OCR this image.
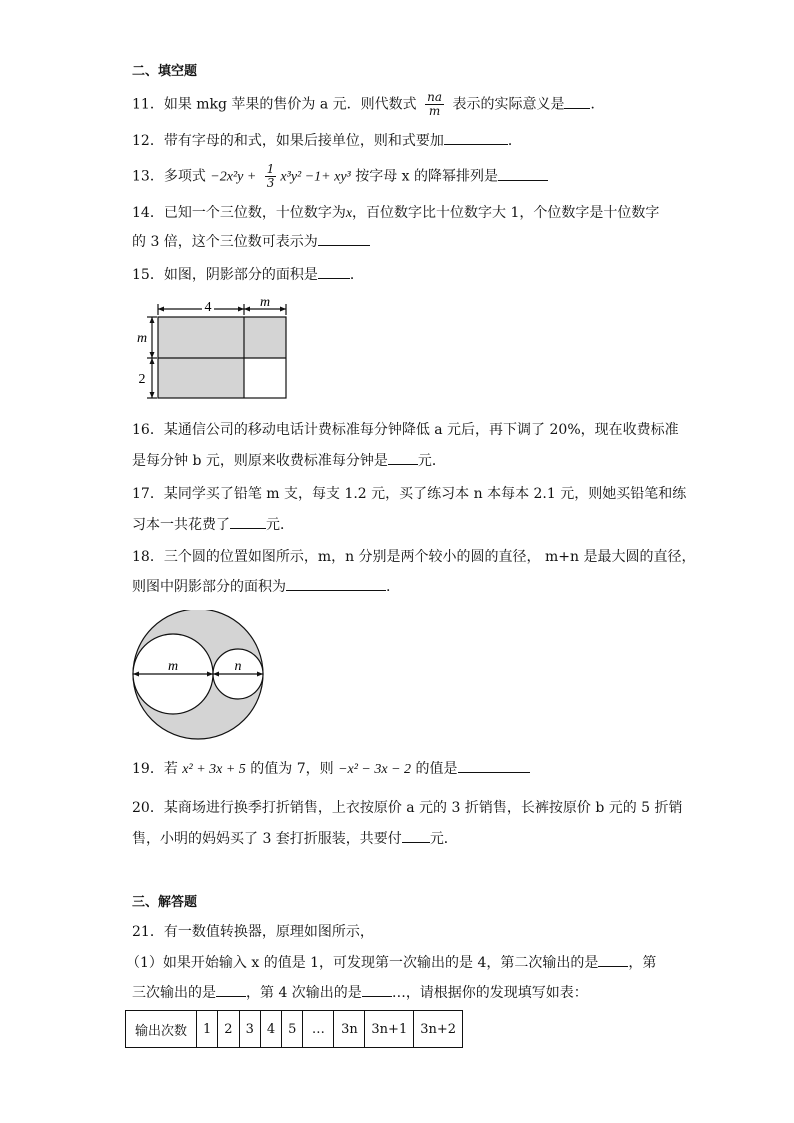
二、填空题
11．如果 mkg 苹果的售价为 a 元．则代数式 $\frac{na}{m}$ 表示的实际意义是 ．
12．带有字母的和式，如果后接单位，则和式要加	．
13．多项式 $-2x^2y + \frac{1}{3} x^3y^2 -1+ xy^3$ 按字母 x 的降幂排列是
14．已知一个三位数，十位数字为x，百位数字比十位数字大 1，个位数字是十位数字
的 3 倍，这个三位数可表示为
15．如图，阴影部分的面积是 ．
4	m
m
2
16．某通信公司的移动电话计费标准每分钟降低 a 元后，再下调了 20%，现在收费标准
是每分钟 b 元，则原来收费标准每分钟是 元．
17．某同学买了铅笔 m 支，每支 1.2 元，买了练习本 n 本每本 2.1 元，则她买铅笔和练
习本一共花费了	元．
18．三个圆的位置如图所示，m，n 分别是两个较小的圆的直径， m+n 是最大圆的直径，
则图中阴影部分的面积为	.
m	n
19．若 x² + 3x + 5 的值为 7，则 −x² − 3x − 2 的值是
20．某商场进行换季打折销售，上衣按原价 a 元的 3 折销售，长裤按原价 b 元的 5 折销
售，小明的妈妈买了 3 套打折服装，共要付 元．
三、解答题
21．有一数值转换器，原理如图所示，
（1）如果开始输入 x 的值是 1，可发现第一次输出的是 4，第二次输出的是 ，第
三次输出的是 ，第 4 次输出的是 …，请根据你的发现填写如表：
输出次数	1	2	3	4	5	…	3n	3n+1	3n+2
